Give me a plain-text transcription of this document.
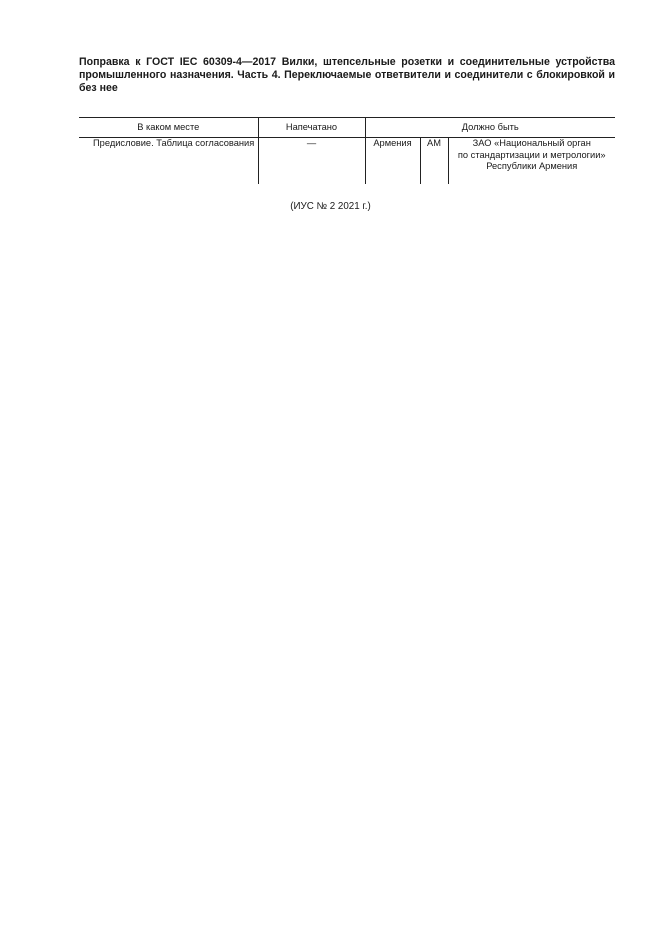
Поправка к ГОСТ IEC 60309-4—2017 Вилки, штепсельные розетки и соединительные устройства промышленного назначения. Часть 4. Переключаемые ответвители и соединители с блокировкой и без нее

В каком месте	Напечатано	Должно быть		

Предисловие. Таблица согласования	—	Армения	AM	ЗАО «Национальный орган
по стандартизации и метрологии»
Республики Армения
(ИУС № 2 2021 г.)
